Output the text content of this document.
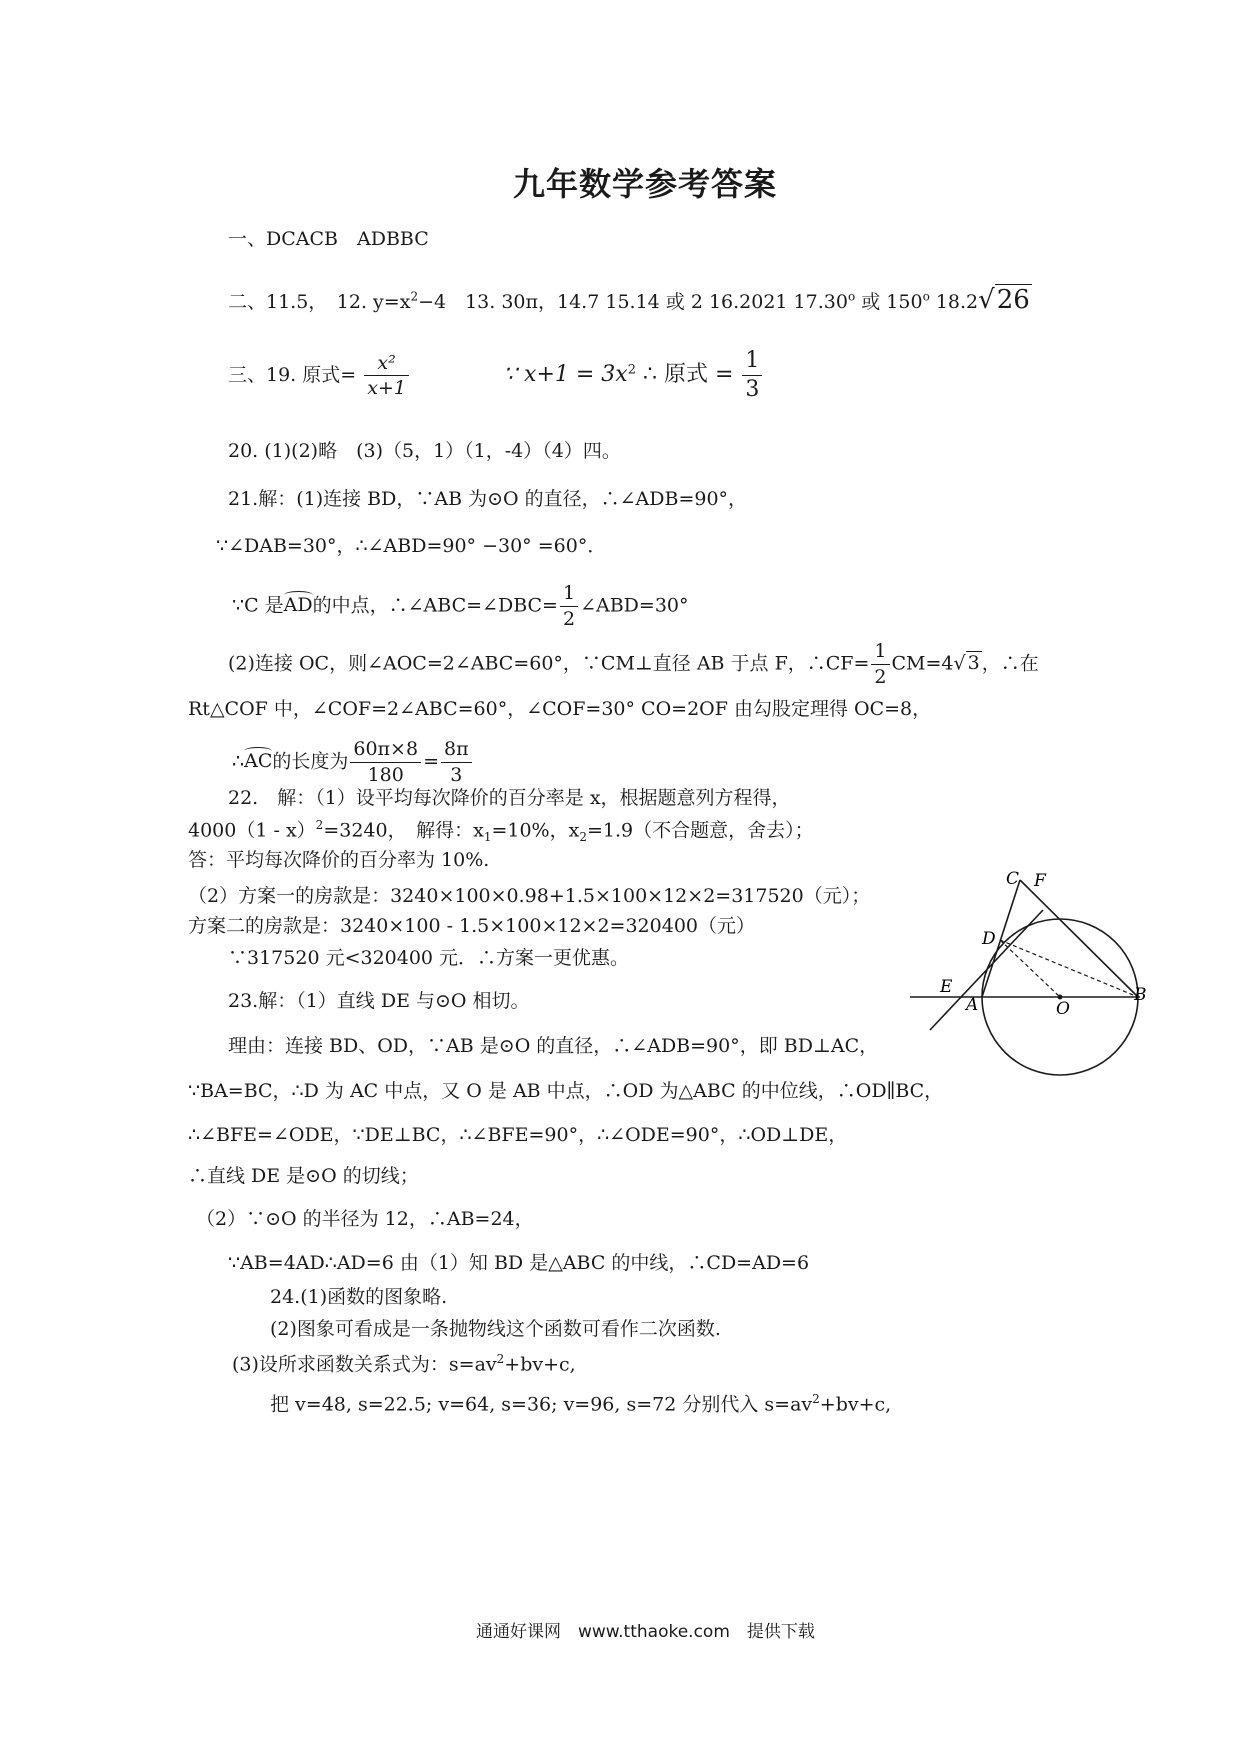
九年数学参考答案
一、DCACB　ADBBC
二、11.5，　12. $y=x^2-4$　13. 30π，14.7 15.14 或 2 16.2021 17.30$^o$ 或 150$^o$ 18.2√26
三、19. 原式= $\frac{\text{x²}}{x+1}$	∵ $x+1 = 3x^2$ ∴ 原式 = $\frac{1}{3}$
20. (1)(2)略　(3)（5，1）（1，-4）（4）四。
21.解：(1)连接 BD，∵AB 为⊙O 的直径，∴∠ADB=90°，
∵∠DAB=30°，∴∠ABD=90° −30° =60°．
∵C 是
AD的中点，∴∠ABC=∠DBC= $\frac{1}{2}$ ∠ABD=30°
(2)连接 OC，则∠AOC=2∠ABC=60°，∵CM⊥直径 AB 于点 F，∴CF= $\frac{1}{2} CM=4√$ 3 ，∴在
Rt△COF 中，∠COF=2∠ABC=60°，∠COF=30° CO=2OF 由勾股定理得 OC=8，
∴
AC的长度为 $\frac{60\pi\times 8}{180} = \frac{8\pi}{3}$
22.　解：（1）设平均每次降价的百分率是 x，根据题意列方程得，
4000（1 - x）$^2$=3240，　解得：$x_1=10\%$，$x_2=1.9$（不合题意，舍去）；
答：平均每次降价的百分率为 10%.
（2）方案一的房款是：3240×100×0.98+1.5×100×12×2=317520（元）；
方案二的房款是：3240×100 - 1.5×100×12×2=320400（元）
∵317520 元<320400 元．∴方案一更优惠。
23.解：（1）直线 DE 与⊙O 相切。
理由：连接 BD、OD，∵AB 是⊙O 的直径，∴∠ADB=90°，即 BD⊥AC，
∵BA=BC，∴D 为 AC 中点，又 O 是 AB 中点，∴OD 为△ABC 的中位线，∴OD∥BC，
∴∠BFE=∠ODE，∵DE⊥BC，∴∠BFE=90°，∴∠ODE=90°，∴OD⊥DE，
∴直线 DE 是⊙O 的切线；
（2）∵⊙O 的半径为 12，∴AB=24，
∵AB=4AD∴AD=6 由（1）知 BD 是△ABC 的中线，∴CD=AD=6
24.(1)函数的图象略.
(2)图象可看成是一条抛物线这个函数可看作二次函数.
(3)设所求函数关系式为：$s=av^2+bv+c$,
把 v=48, s=22.5; v=64, s=36; v=96, s=72 分别代入 $s=av^2+bv+c$,
C F
D
E
A	O
B
通通好课网　www.tthaoke.com　提供下载
